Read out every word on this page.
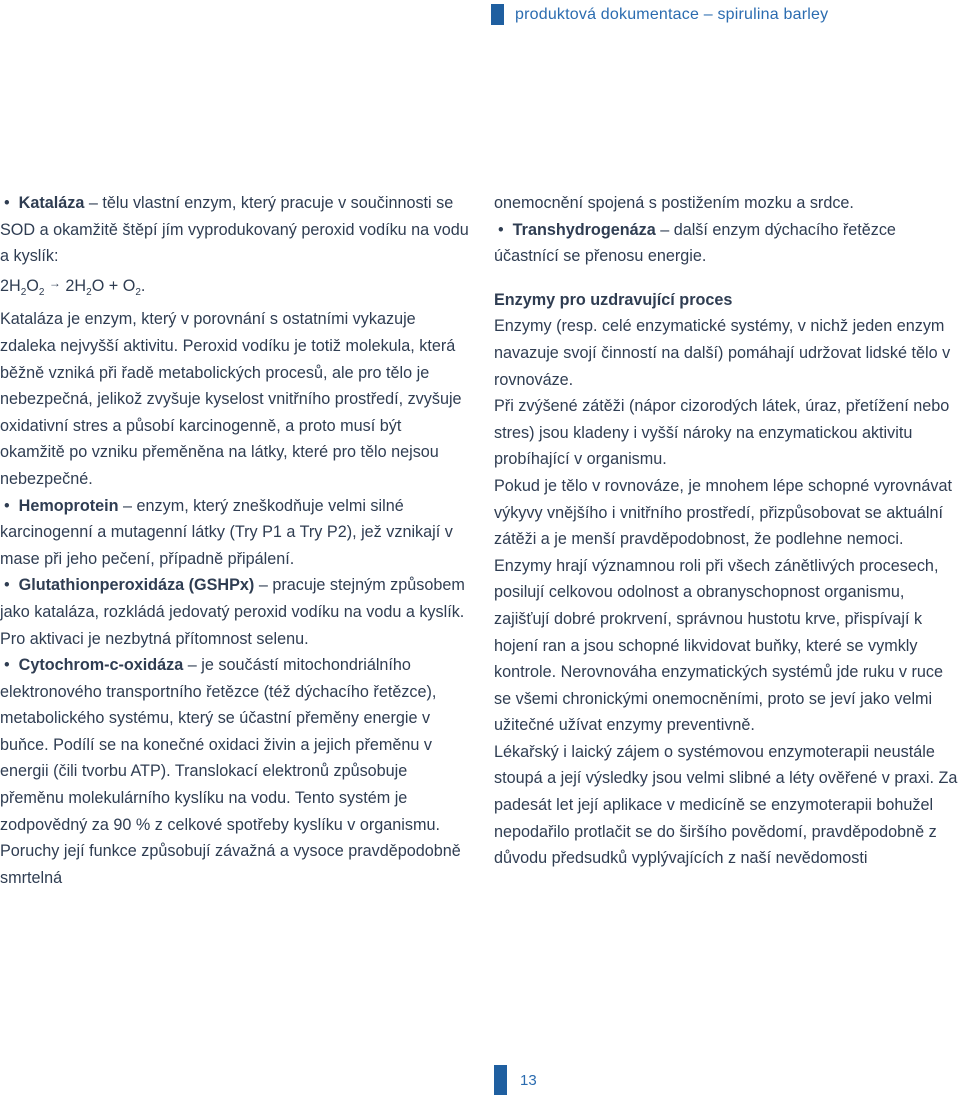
produktová dokumentace – spirulina barley

• Kataláza – tělu vlastní enzym, který pracuje v součinnosti se SOD a okamžitě štěpí jím vyprodukovaný peroxid vodíku na vodu a kyslík:

$2H_2O_2$ → $2H_2O + O_2$.

Kataláza je enzym, který v porovnání s ostatními vykazuje zdaleka nejvyšší aktivitu. Peroxid vodíku je totiž molekula, která běžně vzniká při řadě metabolických procesů, ale pro tělo je nebezpečná, jelikož zvyšuje kyselost vnitřního prostředí, zvyšuje oxidativní stres a působí karcinogenně, a proto musí být okamžitě po vzniku přeměněna na látky, které pro tělo nejsou nebezpečné.

• Hemoprotein – enzym, který zneškodňuje velmi silné karcinogenní a mutagenní látky (Try P1 a Try P2), jež vznikají v mase při jeho pečení, případně připálení.

• Glutathionperoxidáza (GSHPx) – pracuje stejným způsobem jako kataláza, rozkládá jedovatý peroxid vodíku na vodu a kyslík. Pro aktivaci je nezbytná přítomnost selenu.

• Cytochrom-c-oxidáza – je součástí mitochondriálního elektronového transportního řetězce (též dýchacího řetězce), metabolického systému, který se účastní přeměny energie v buňce. Podílí se na konečné oxidaci živin a jejich přeměnu v energii (čili tvorbu ATP). Translokací elektronů způsobuje přeměnu molekulárního kyslíku na vodu. Tento systém je zodpovědný za 90 % z celkové spotřeby kyslíku v organismu. Poruchy její funkce způsobují závažná a vysoce pravděpodobně smrtelná

onemocnění spojená s postižením mozku a srdce.

• Transhydrogenáza – další enzym dýchacího řetězce účastnící se přenosu energie.

Enzymy pro uzdravující proces

Enzymy (resp. celé enzymatické systémy, v nichž jeden enzym navazuje svojí činností na další) pomáhají udržovat lidské tělo v rovnováze.

Při zvýšené zátěži (nápor cizorodých látek, úraz, přetížení nebo stres) jsou kladeny i vyšší nároky na enzymatickou aktivitu probíhající v organismu.

Pokud je tělo v rovnováze, je mnohem lépe schopné vyrovnávat výkyvy vnějšího i vnitřního prostředí, přizpůsobovat se aktuální zátěži a je menší pravděpodobnost, že podlehne nemoci.

Enzymy hrají významnou roli při všech zánětlivých procesech, posilují celkovou odolnost a obranyschopnost organismu, zajišťují dobré prokrvení, správnou hustotu krve, přispívají k hojení ran a jsou schopné likvidovat buňky, které se vymkly kontrole. Nerovnováha enzymatických systémů jde ruku v ruce se všemi chronickými onemocněními, proto se jeví jako velmi užitečné užívat enzymy preventivně.

Lékařský i laický zájem o systémovou enzymoterapii neustále stoupá a její výsledky jsou velmi slibné a léty ověřené v praxi. Za padesát let její aplikace v medicíně se enzymoterapii bohužel nepodařilo protlačit se do širšího povědomí, pravděpodobně z důvodu předsudků vyplývajících z naší nevědomosti

13
